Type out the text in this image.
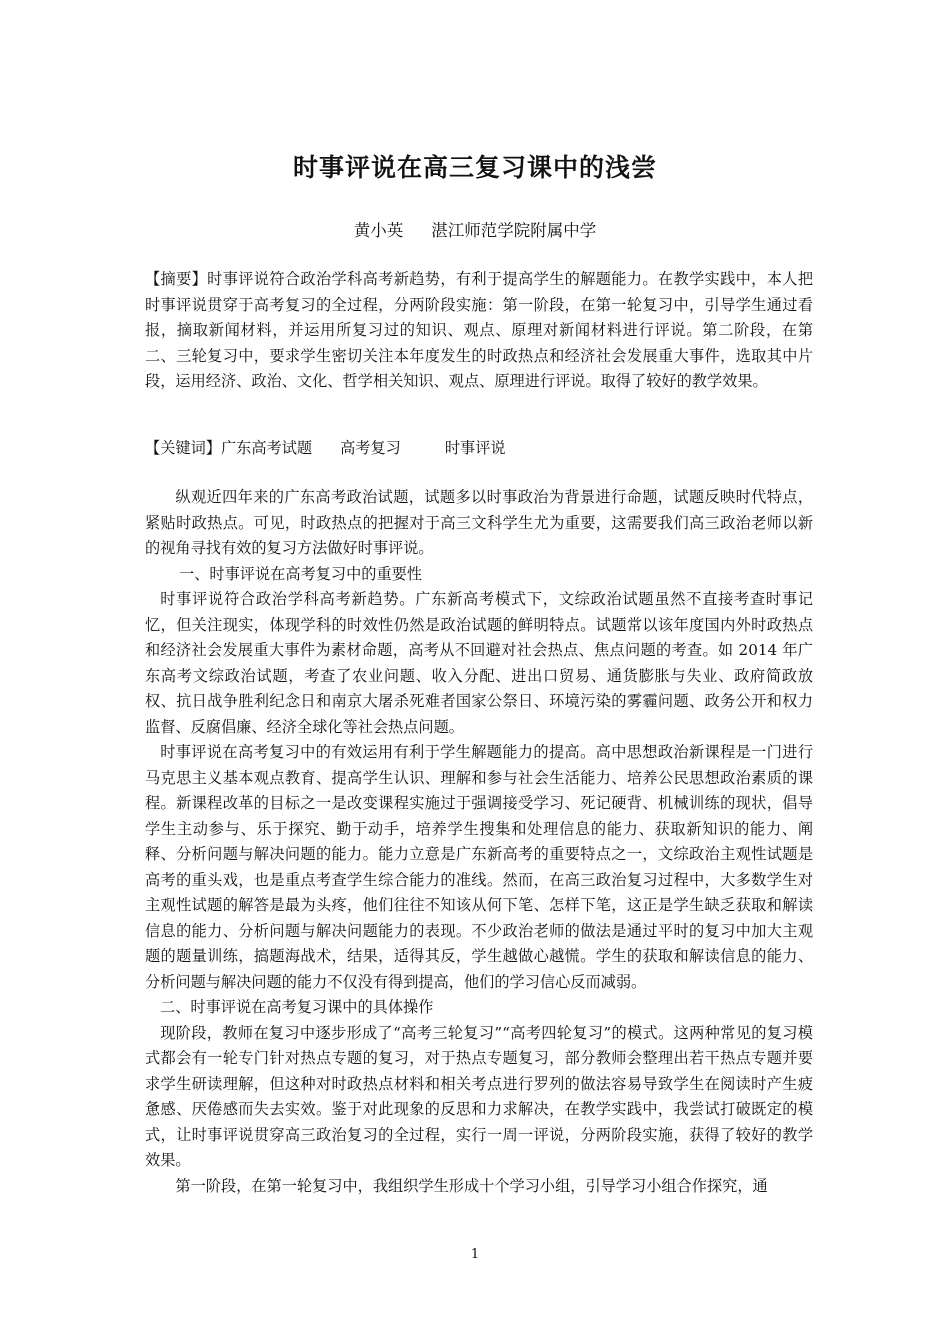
时事评说在高三复习课中的浅尝
黄小英 湛江师范学院附属中学
【摘要】时事评说符合政治学科高考新趋势，有利于提高学生的解题能力。在教学实践中，本人把时事评说贯穿于高考复习的全过程，分两阶段实施：第一阶段，在第一轮复习中，引导学生通过看报，摘取新闻材料，并运用所复习过的知识、观点、原理对新闻材料进行评说。第二阶段，在第二、三轮复习中，要求学生密切关注本年度发生的时政热点和经济社会发展重大事件，选取其中片段，运用经济、政治、文化、哲学相关知识、观点、原理进行评说。取得了较好的教学效果。
【关键词】广东高考试题 高考复习	时事评说

纵观近四年来的广东高考政治试题，试题多以时事政治为背景进行命题，试题反映时代特点，紧贴时政热点。可见，时政热点的把握对于高三文科学生尤为重要，这需要我们高三政治老师以新的视角寻找有效的复习方法做好时事评说。

一、时事评说在高考复习中的重要性

时事评说符合政治学科高考新趋势。广东新高考模式下，文综政治试题虽然不直接考查时事记忆，但关注现实，体现学科的时效性仍然是政治试题的鲜明特点。试题常以该年度国内外时政热点和经济社会发展重大事件为素材命题，高考从不回避对社会热点、焦点问题的考查。如 2014 年广东高考文综政治试题，考查了农业问题、收入分配、进出口贸易、通货膨胀与失业、政府简政放权、抗日战争胜利纪念日和南京大屠杀死难者国家公祭日、环境污染的雾霾问题、政务公开和权力监督、反腐倡廉、经济全球化等社会热点问题。

时事评说在高考复习中的有效运用有利于学生解题能力的提高。高中思想政治新课程是一门进行马克思主义基本观点教育、提高学生认识、理解和参与社会生活能力、培养公民思想政治素质的课程。新课程改革的目标之一是改变课程实施过于强调接受学习、死记硬背、机械训练的现状，倡导学生主动参与、乐于探究、勤于动手，培养学生搜集和处理信息的能力、获取新知识的能力、阐释、分析问题与解决问题的能力。能力立意是广东新高考的重要特点之一，文综政治主观性试题是高考的重头戏，也是重点考查学生综合能力的准线。然而，在高三政治复习过程中，大多数学生对主观性试题的解答是最为头疼，他们往往不知该从何下笔、怎样下笔，这正是学生缺乏获取和解读信息的能力、分析问题与解决问题能力的表现。不少政治老师的做法是通过平时的复习中加大主观题的题量训练，搞题海战术，结果，适得其反，学生越做心越慌。学生的获取和解读信息的能力、分析问题与解决问题的能力不仅没有得到提高，他们的学习信心反而减弱。

二、时事评说在高考复习课中的具体操作

现阶段，教师在复习中逐步形成了“高考三轮复习”“高考四轮复习”的模式。这两种常见的复习模式都会有一轮专门针对热点专题的复习，对于热点专题复习，部分教师会整理出若干热点专题并要求学生研读理解，但这种对时政热点材料和相关考点进行罗列的做法容易导致学生在阅读时产生疲惫感、厌倦感而失去实效。鉴于对此现象的反思和力求解决，在教学实践中，我尝试打破既定的模式，让时事评说贯穿高三政治复习的全过程，实行一周一评说，分两阶段实施，获得了较好的教学效果。

第一阶段，在第一轮复习中，我组织学生形成十个学习小组，引导学习小组合作探究，通

1
